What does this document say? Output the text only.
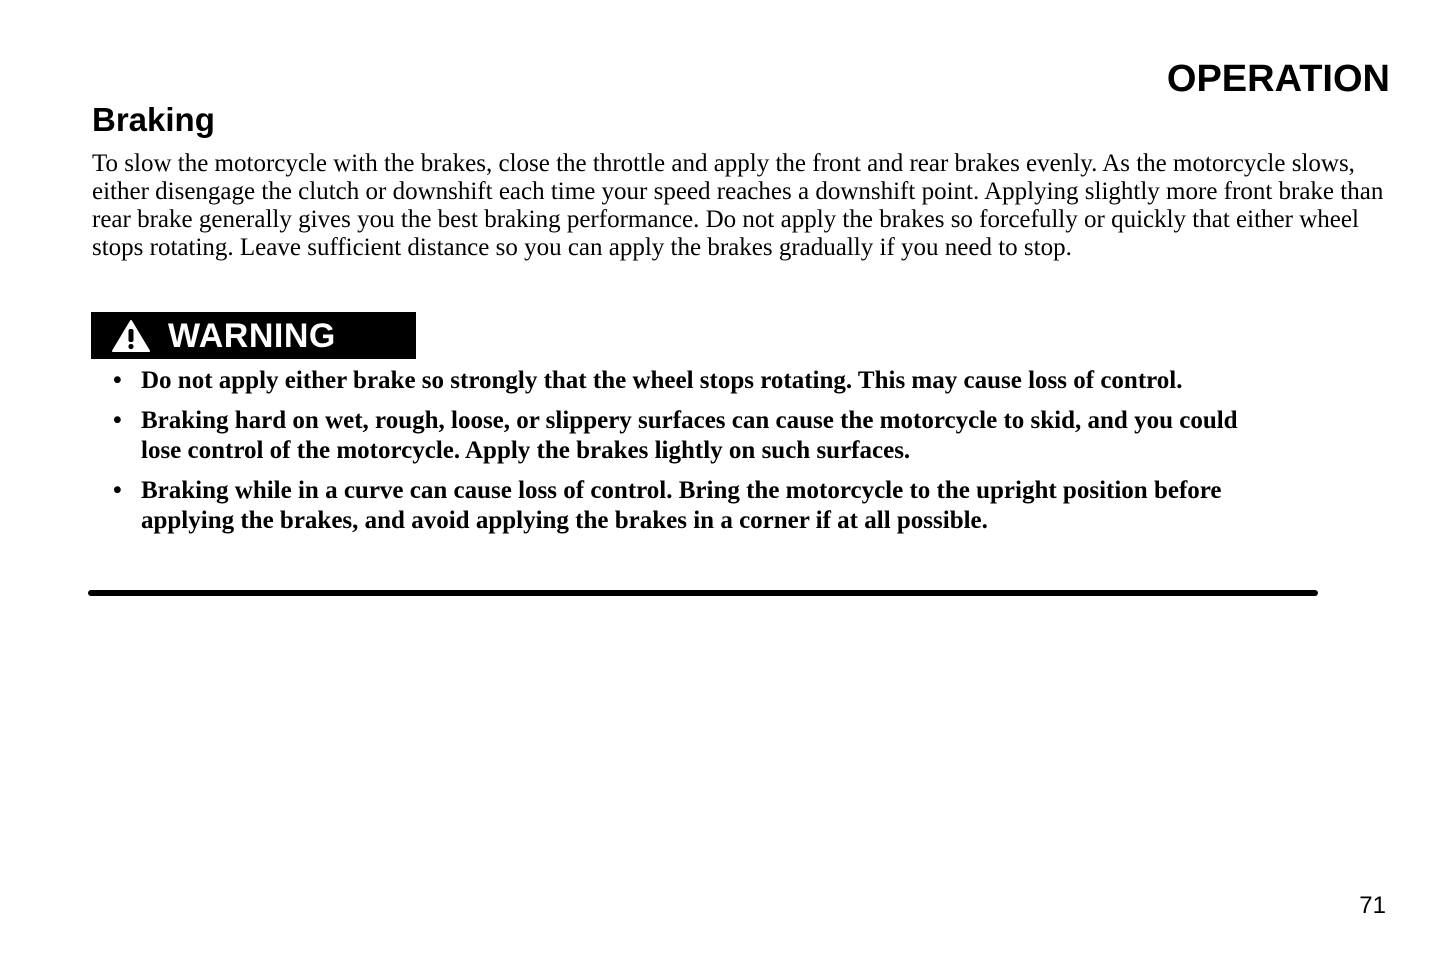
OPERATION
Braking

To slow the motorcycle with the brakes, close the throttle and apply the front and rear brakes evenly. As the motorcycle slows, either disengage the clutch or downshift each time your speed reaches a downshift point. Applying slightly more front brake than rear brake generally gives you the best braking performance. Do not apply the brakes so forcefully or quickly that either wheel stops rotating. Leave sufficient distance so you can apply the brakes gradually if you need to stop.

WARNING
• Do not apply either brake so strongly that the wheel stops rotating. This may cause loss of control.
• Braking hard on wet, rough, loose, or slippery surfaces can cause the motorcycle to skid, and you could lose control of the motorcycle. Apply the brakes lightly on such surfaces.
• Braking while in a curve can cause loss of control. Bring the motorcycle to the upright position before applying the brakes, and avoid applying the brakes in a corner if at all possible.

71
